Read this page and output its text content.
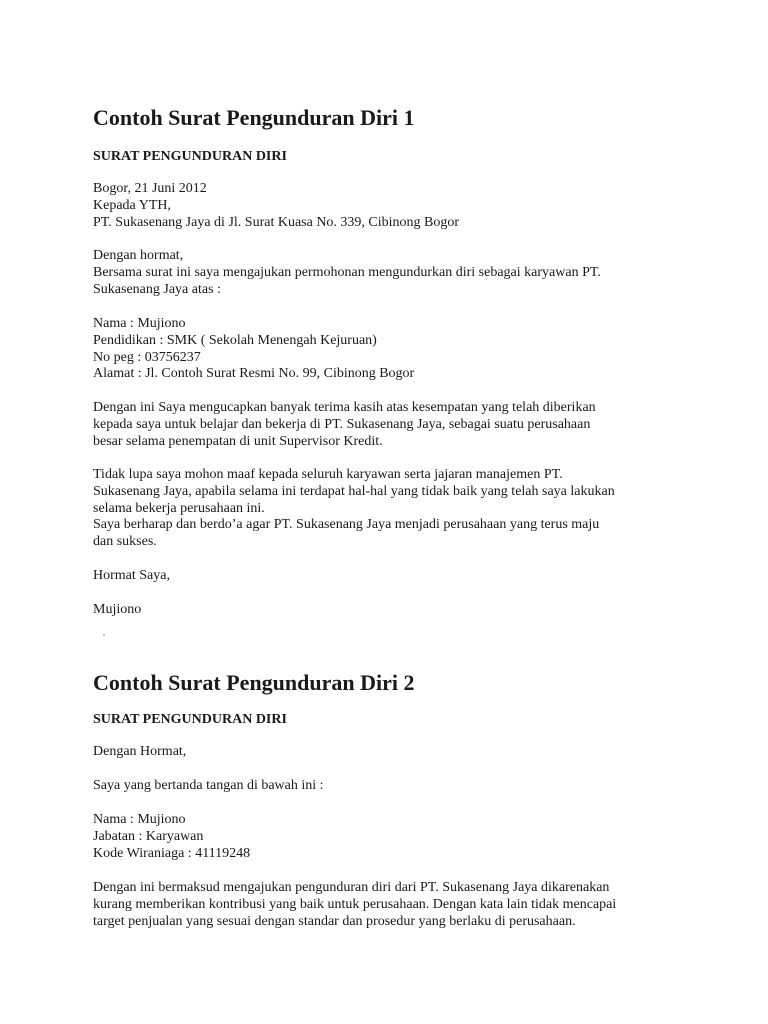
Contoh Surat Pengunduran Diri 1
SURAT PENGUNDURAN DIRI

Bogor, 21 Juni 2012
Kepada YTH,
PT. Sukasenang Jaya di Jl. Surat Kuasa No. 339, Cibinong Bogor

Dengan hormat,
Bersama surat ini saya mengajukan permohonan mengundurkan diri sebagai karyawan PT.
Sukasenang Jaya atas :

Nama : Mujiono
Pendidikan : SMK ( Sekolah Menengah Kejuruan)
No peg : 03756237
Alamat : Jl. Contoh Surat Resmi No. 99, Cibinong Bogor

Dengan ini Saya mengucapkan banyak terima kasih atas kesempatan yang telah diberikan
kepada saya untuk belajar dan bekerja di PT. Sukasenang Jaya, sebagai suatu perusahaan
besar selama penempatan di unit Supervisor Kredit.

Tidak lupa saya mohon maaf kepada seluruh karyawan serta jajaran manajemen PT.
Sukasenang Jaya, apabila selama ini terdapat hal-hal yang tidak baik yang telah saya lakukan
selama bekerja perusahaan ini.
Saya berharap dan berdo’a agar PT. Sukasenang Jaya menjadi perusahaan yang terus maju
dan sukses.

Hormat Saya,

Mujiono

Contoh Surat Pengunduran Diri 2
SURAT PENGUNDURAN DIRI

Dengan Hormat,

Saya yang bertanda tangan di bawah ini :

Nama : Mujiono
Jabatan : Karyawan
Kode Wiraniaga : 41119248

Dengan ini bermaksud mengajukan pengunduran diri dari PT. Sukasenang Jaya dikarenakan
kurang memberikan kontribusi yang baik untuk perusahaan. Dengan kata lain tidak mencapai
target penjualan yang sesuai dengan standar dan prosedur yang berlaku di perusahaan.
